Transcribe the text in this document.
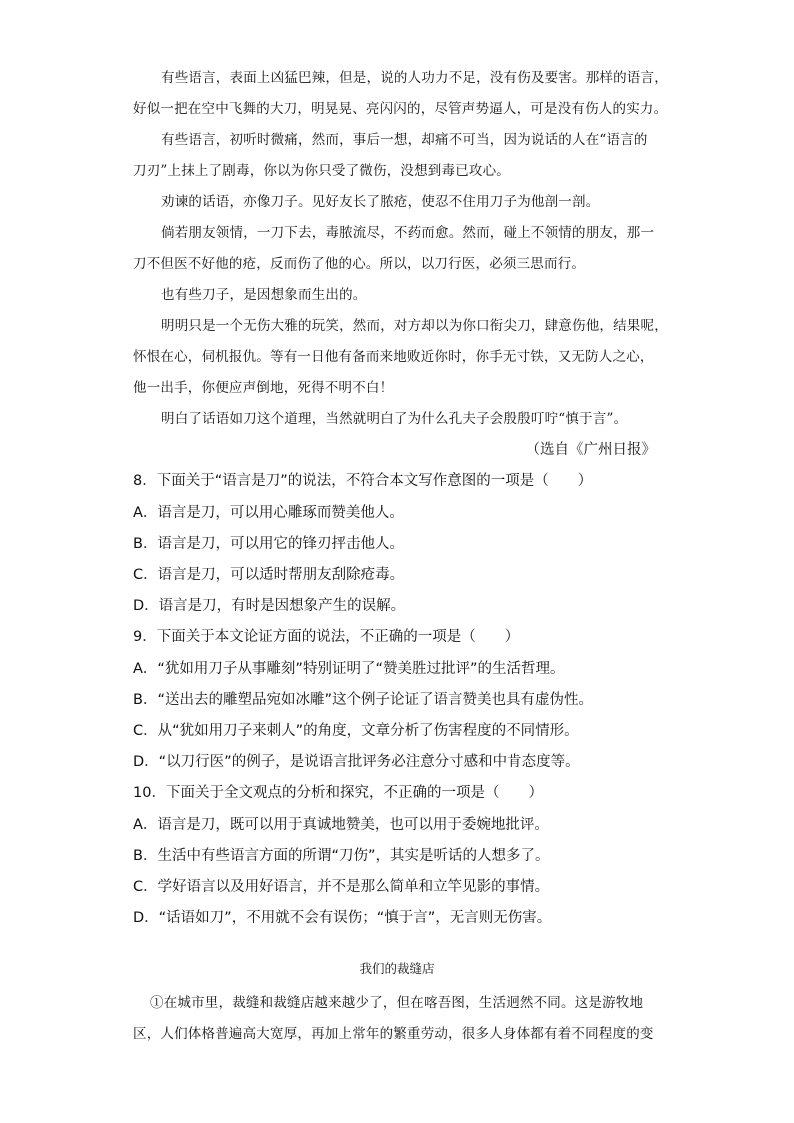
有些语言，表面上凶猛巴辣，但是，说的人功力不足，没有伤及要害。那样的语言，

好似一把在空中飞舞的大刀，明晃晃、亮闪闪的，尽管声势逼人，可是没有伤人的实力。

有些语言，初听时微痛，然而，事后一想，却痛不可当，因为说话的人在“语言的

刀刃”上抹上了剧毒，你以为你只受了微伤，没想到毒已攻心。

劝谏的话语，亦像刀子。见好友长了脓疮，使忍不住用刀子为他剖一剖。

倘若朋友领情，一刀下去，毒脓流尽，不药而愈。然而，碰上不领情的朋友，那一

刀不但医不好他的疮，反而伤了他的心。所以，以刀行医，必须三思而行。

也有些刀子，是因想象而生出的。

明明只是一个无伤大雅的玩笑，然而，对方却以为你口衔尖刀，肆意伤他，结果呢，

怀恨在心，伺机报仇。等有一日他有备而来地败近你时，你手无寸铁，又无防人之心，

他一出手，你便应声倒地，死得不明不白！

明白了话语如刀这个道理，当然就明白了为什么孔夫子会殷殷叮咛“慎于言”。

（选自《广州日报》

8．下面关于“语言是刀”的说法，不符合本文写作意图的一项是（　　）

A．语言是刀，可以用心雕琢而赞美他人。

B．语言是刀，可以用它的锋刃抨击他人。

C．语言是刀，可以适时帮朋友刮除疮毒。

D．语言是刀，有时是因想象产生的误解。

9．下面关于本文论证方面的说法，不正确的一项是（　　）

A．“犹如用刀子从事雕刻”特别证明了“赞美胜过批评”的生活哲理。

B．“送出去的雕塑品宛如冰雕”这个例子论证了语言赞美也具有虚伪性。

C．从“犹如用刀子来刺人”的角度，文章分析了伤害程度的不同情形。

D．“以刀行医”的例子，是说语言批评务必注意分寸感和中肯态度等。

10．下面关于全文观点的分析和探究，不正确的一项是（　　）

A．语言是刀，既可以用于真诚地赞美，也可以用于委婉地批评。

B．生活中有些语言方面的所谓“刀伤”，其实是听话的人想多了。

C．学好语言以及用好语言，并不是那么简单和立竿见影的事情。

D．“话语如刀”，不用就不会有误伤；“慎于言”，无言则无伤害。

我们的裁缝店

①在城市里，裁缝和裁缝店越来越少了，但在喀吾图，生活迥然不同。这是游牧地

区，人们体格普遍高大宽厚，再加上常年的繁重劳动，很多人身体都有着不同程度的变
